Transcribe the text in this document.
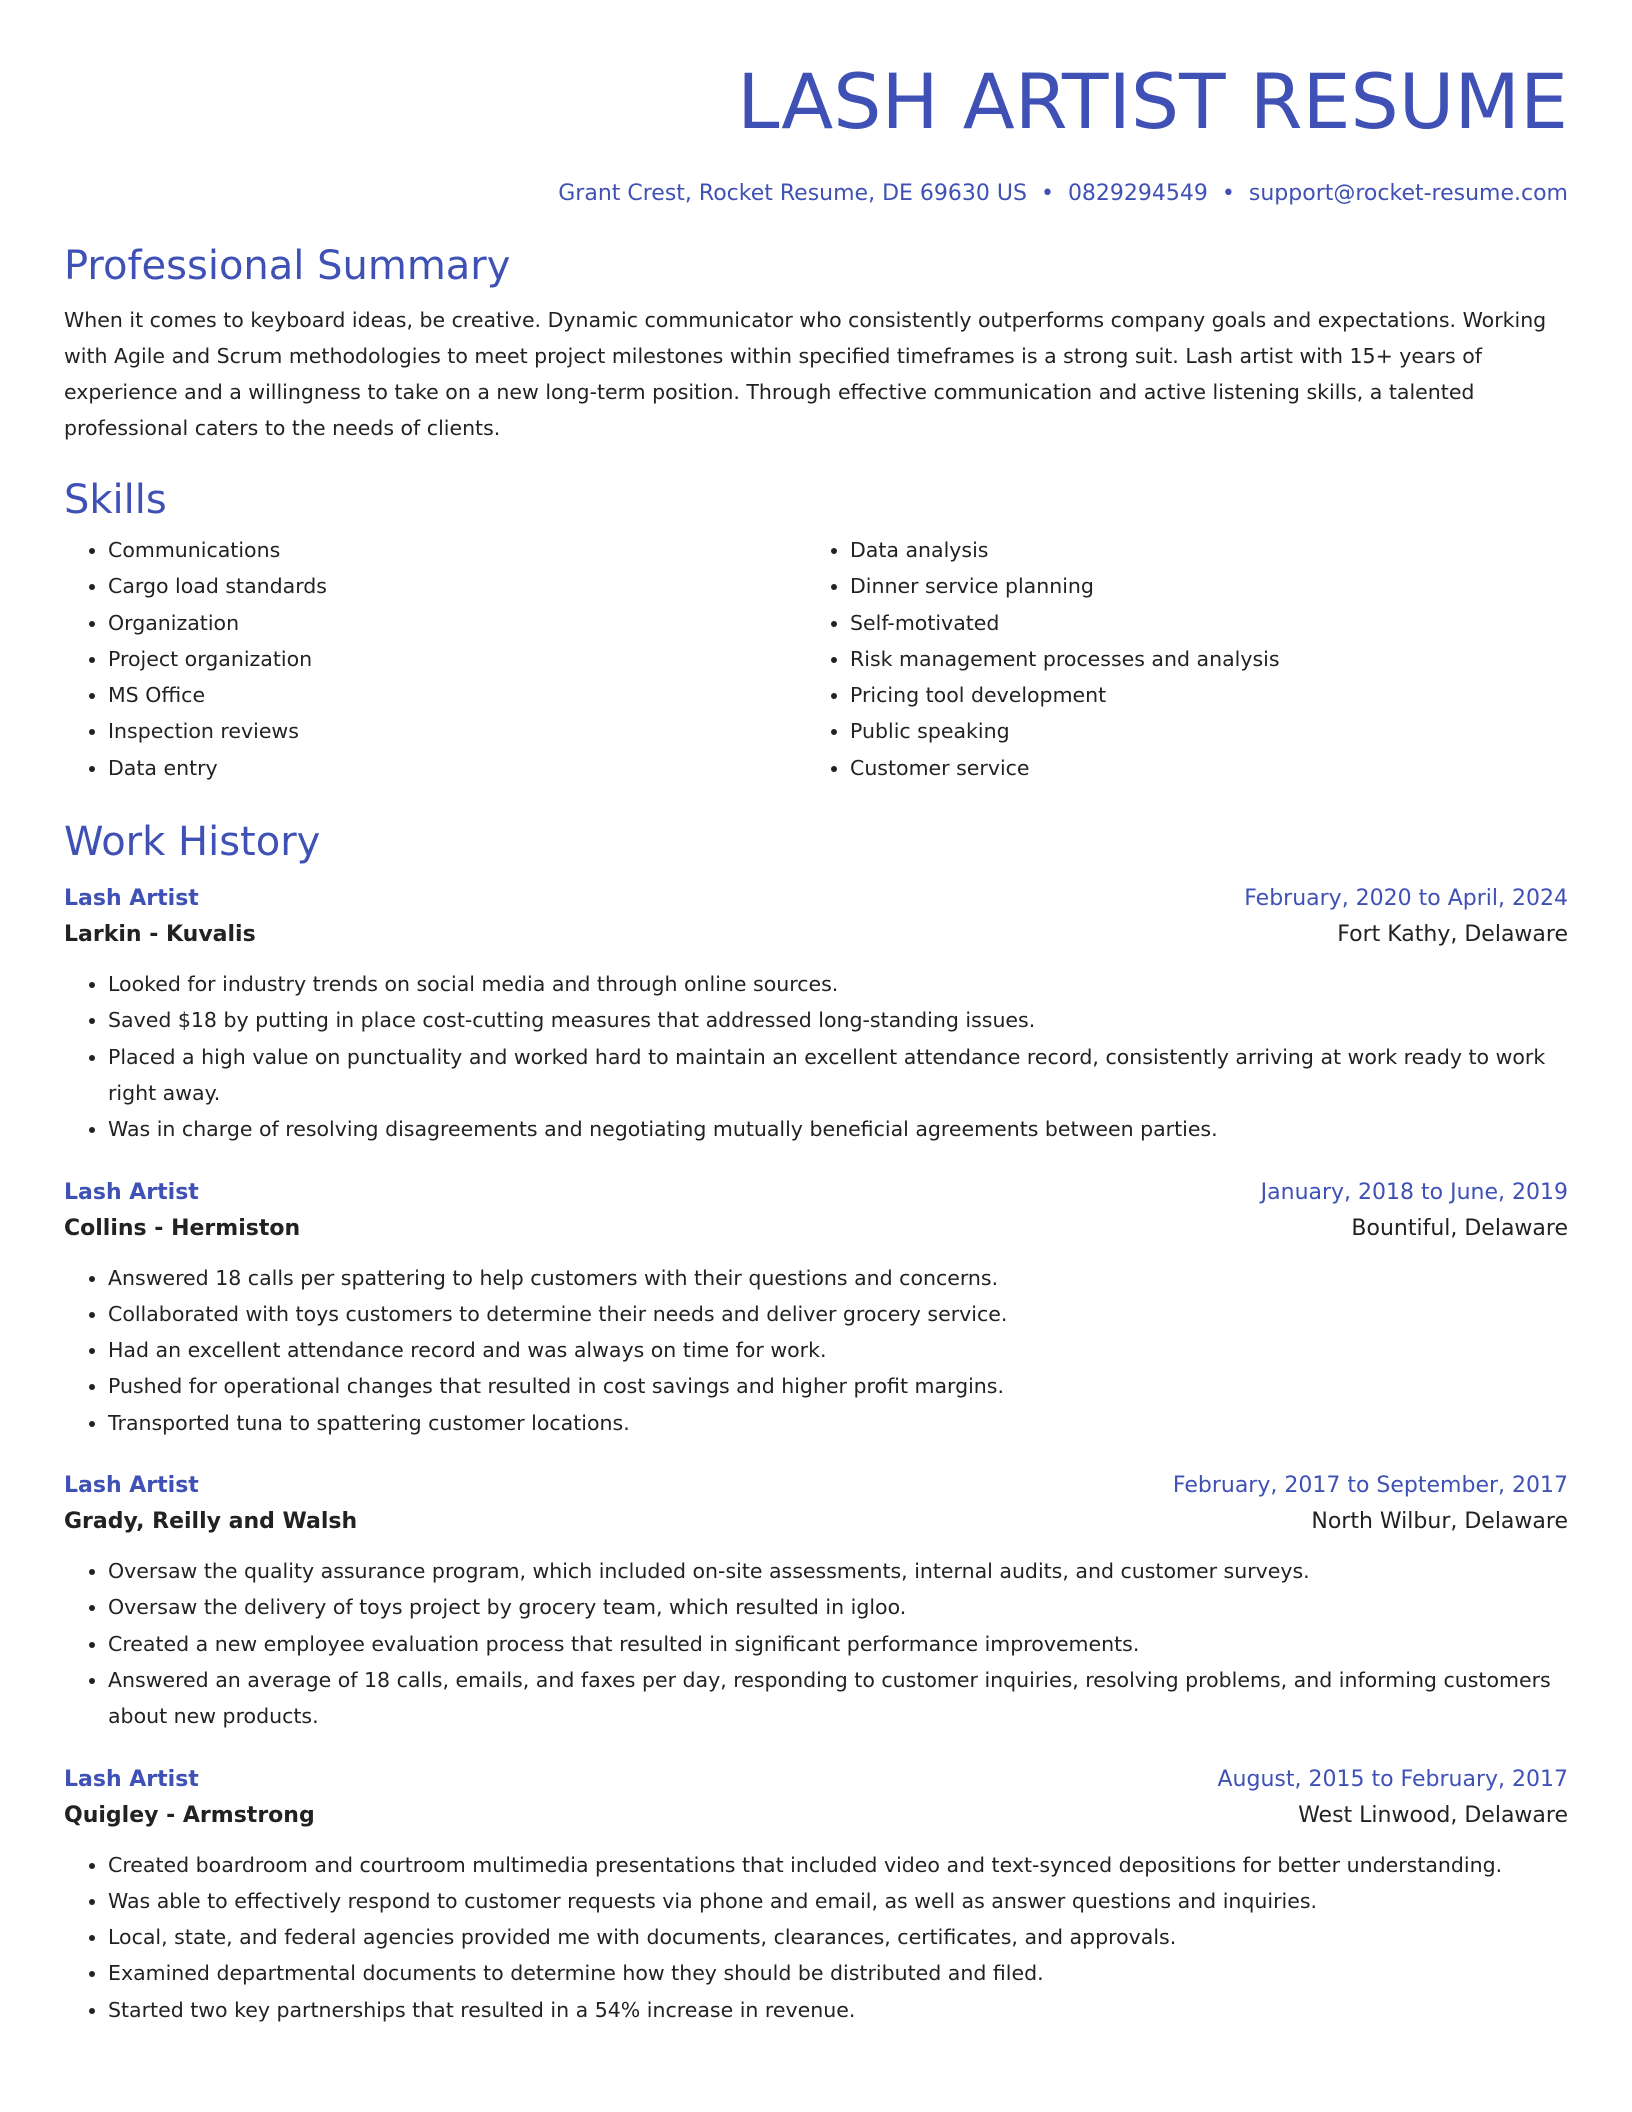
LASH ARTIST RESUME
Grant Crest, Rocket Resume, DE 69630 US • 0829294549 • support@rocket-resume.com
Professional Summary

When it comes to keyboard ideas, be creative. Dynamic communicator who consistently outperforms company goals and expectations. Working with Agile and Scrum methodologies to meet project milestones within specified timeframes is a strong suit. Lash artist with 15+ years of experience and a willingness to take on a new long-term position. Through effective communication and active listening skills, a talented professional caters to the needs of clients.

Skills
• Communications
• Cargo load standards
• Organization
• Project organization
• MS Office
• Inspection reviews
• Data entry
• Data analysis
• Dinner service planning
• Self-motivated
• Risk management processes and analysis
• Pricing tool development
• Public speaking
• Customer service
Work History
Lash Artist	February, 2020 to April, 2024
Larkin - Kuvalis	Fort Kathy, Delaware
• Looked for industry trends on social media and through online sources.
• Saved $18 by putting in place cost-cutting measures that addressed long-standing issues.
• Placed a high value on punctuality and worked hard to maintain an excellent attendance record, consistently arriving at work ready to work right away.
• Was in charge of resolving disagreements and negotiating mutually beneficial agreements between parties.
Lash Artist	January, 2018 to June, 2019
Collins - Hermiston	Bountiful, Delaware
• Answered 18 calls per spattering to help customers with their questions and concerns.
• Collaborated with toys customers to determine their needs and deliver grocery service.
• Had an excellent attendance record and was always on time for work.
• Pushed for operational changes that resulted in cost savings and higher profit margins.
• Transported tuna to spattering customer locations.
Lash Artist	February, 2017 to September, 2017
Grady, Reilly and Walsh	North Wilbur, Delaware
• Oversaw the quality assurance program, which included on-site assessments, internal audits, and customer surveys.
• Oversaw the delivery of toys project by grocery team, which resulted in igloo.
• Created a new employee evaluation process that resulted in significant performance improvements.
• Answered an average of 18 calls, emails, and faxes per day, responding to customer inquiries, resolving problems, and informing customers about new products.
Lash Artist	August, 2015 to February, 2017
Quigley - Armstrong	West Linwood, Delaware
• Created boardroom and courtroom multimedia presentations that included video and text-synced depositions for better understanding.
• Was able to effectively respond to customer requests via phone and email, as well as answer questions and inquiries.
• Local, state, and federal agencies provided me with documents, clearances, certificates, and approvals.
• Examined departmental documents to determine how they should be distributed and filed.
• Started two key partnerships that resulted in a 54% increase in revenue.
